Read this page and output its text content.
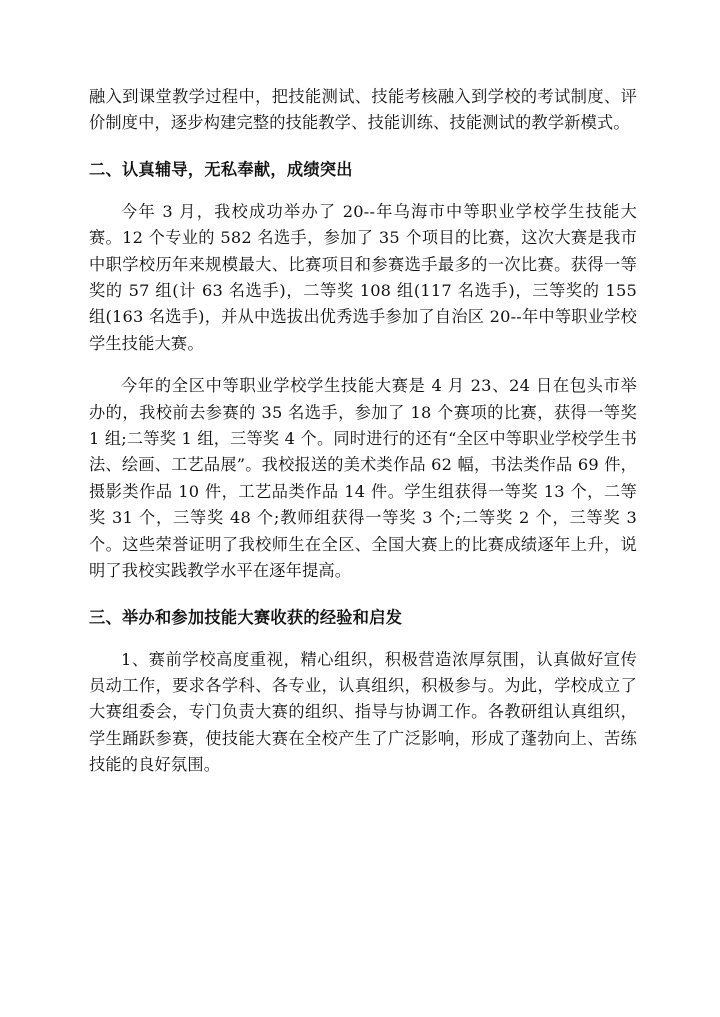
融入到课堂教学过程中，把技能测试、技能考核融入到学校的考试制度、评价制度中，逐步构建完整的技能教学、技能训练、技能测试的教学新模式。

二、认真辅导，无私奉献，成绩突出

今年 3 月，我校成功举办了 20--年乌海市中等职业学校学生技能大赛。12 个专业的 582 名选手，参加了 35 个项目的比赛，这次大赛是我市中职学校历年来规模最大、比赛项目和参赛选手最多的一次比赛。获得一等奖的 57 组(计 63 名选手)，二等奖 108 组(117 名选手)，三等奖的 155 组(163 名选手)，并从中选拔出优秀选手参加了自治区 20--年中等职业学校学生技能大赛。

今年的全区中等职业学校学生技能大赛是 4 月 23、24 日在包头市举办的，我校前去参赛的 35 名选手，参加了 18 个赛项的比赛，获得一等奖 1 组;二等奖 1 组，三等奖 4 个。同时进行的还有“全区中等职业学校学生书法、绘画、工艺品展”。我校报送的美术类作品 62 幅，书法类作品 69 件，摄影类作品 10 件，工艺品类作品 14 件。学生组获得一等奖 13 个，二等奖 31 个，三等奖 48 个;教师组获得一等奖 3 个;二等奖 2 个，三等奖 3 个。这些荣誉证明了我校师生在全区、全国大赛上的比赛成绩逐年上升，说明了我校实践教学水平在逐年提高。

三、举办和参加技能大赛收获的经验和启发

1、赛前学校高度重视，精心组织，积极营造浓厚氛围，认真做好宣传员动工作，要求各学科、各专业，认真组织，积极参与。为此，学校成立了大赛组委会，专门负责大赛的组织、指导与协调工作。各教研组认真组织，学生踊跃参赛，使技能大赛在全校产生了广泛影响，形成了蓬勃向上、苦练技能的良好氛围。
